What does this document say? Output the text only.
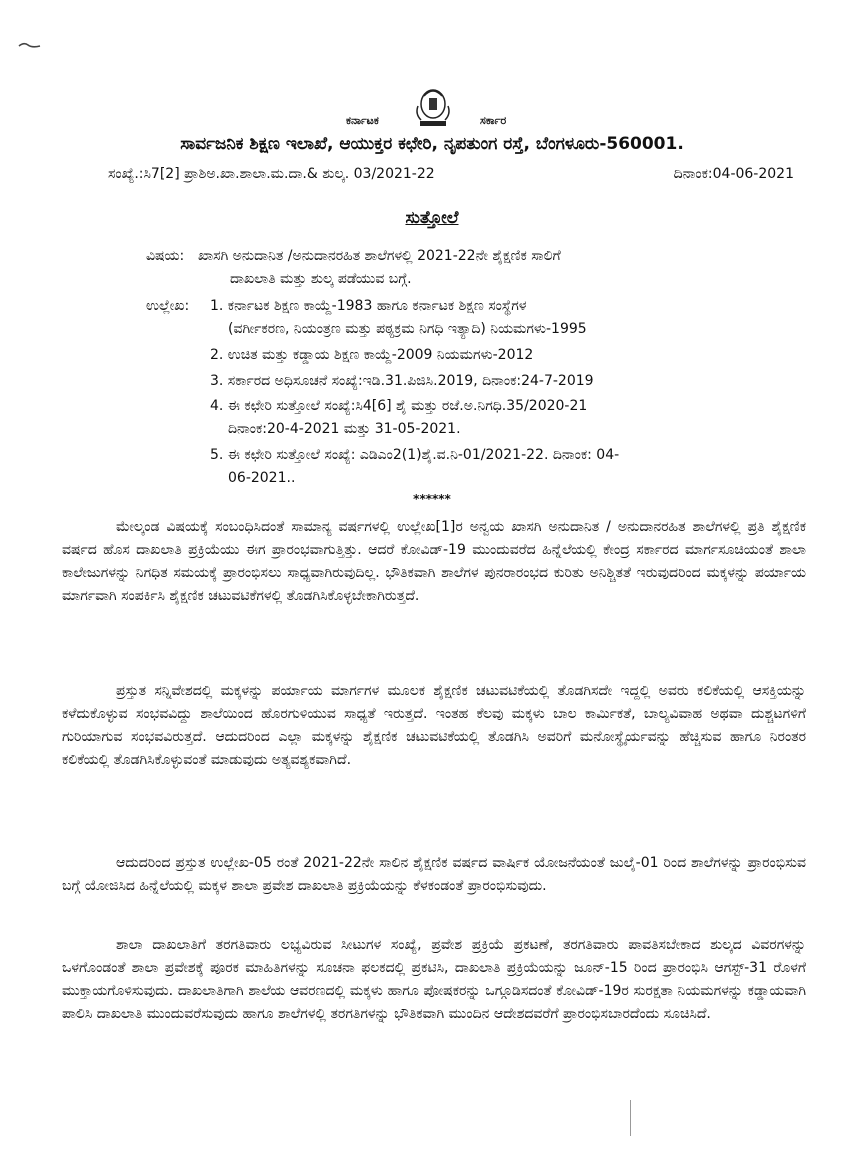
ಕರ್ನಾಟಕ	ಸರ್ಕಾರ
ಸಾರ್ವಜನಿಕ ಶಿಕ್ಷಣ ಇಲಾಖೆ, ಆಯುಕ್ತರ ಕಛೇರಿ, ನೃಪತುಂಗ ರಸ್ತೆ, ಬೆಂಗಳೂರು-560001.
ಸಂಖ್ಯೆ.:ಸಿ7[2] ಪ್ರಾಶಿಅ.ಖಾ.ಶಾಲಾ.ಮ.ದಾ.& ಶುಲ್ಕ. 03/2021-22	ದಿನಾಂಕ:04-06-2021
ಸುತ್ತೋಲೆ
ವಿಷಯ: ಖಾಸಗಿ ಅನುದಾನಿತ /ಅನುದಾನರಹಿತ ಶಾಲೆಗಳಲ್ಲಿ 2021-22ನೇ ಶೈಕ್ಷಣಿಕ ಸಾಲಿಗೆ
ದಾಖಲಾತಿ ಮತ್ತು ಶುಲ್ಕ ಪಡೆಯುವ ಬಗ್ಗೆ.
ಉಲ್ಲೇಖ: 1. ಕರ್ನಾಟಕ ಶಿಕ್ಷಣ ಕಾಯ್ದೆ-1983 ಹಾಗೂ ಕರ್ನಾಟಕ ಶಿಕ್ಷಣ ಸಂಸ್ಥೆಗಳ
(ವರ್ಗೀಕರಣ, ನಿಯಂತ್ರಣ ಮತ್ತು ಪಠ್ಯಕ್ರಮ ನಿಗಧಿ ಇತ್ಯಾದಿ) ನಿಯಮಗಳು-1995
2. ಉಚಿತ ಮತ್ತು ಕಡ್ಡಾಯ ಶಿಕ್ಷಣ ಕಾಯ್ದೆ-2009 ನಿಯಮಗಳು-2012
3. ಸರ್ಕಾರದ ಅಧಿಸೂಚನೆ ಸಂಖ್ಯೆ:ಇಡಿ.31.ಪಿಜಿಸಿ.2019, ದಿನಾಂಕ:24-7-2019
4. ಈ ಕಛೇರಿ ಸುತ್ತೋಲೆ ಸಂಖ್ಯೆ:ಸಿ4[6] ಶೈ ಮತ್ತು ರಜೆ.ಅ.ನಿಗಧಿ.35/2020-21
ದಿನಾಂಕ:20-4-2021 ಮತ್ತು 31-05-2021.
5. ಈ ಕಛೇರಿ ಸುತ್ತೋಲೆ ಸಂಖ್ಯೆ: ಎಡಿಎಂ2(1)ಶೈ.ವ.ನಿ-01/2021-22. ದಿನಾಂಕ: 04-
06-2021..
******
ಮೇಲ್ಕಂಡ ವಿಷಯಕ್ಕೆ ಸಂಬಂಧಿಸಿದಂತೆ ಸಾಮಾನ್ಯ ವರ್ಷಗಳಲ್ಲಿ ಉಲ್ಲೇಖ[1]ರ ಅನ್ವಯ ಖಾಸಗಿ ಅನುದಾನಿತ / ಅನುದಾನರಹಿತ ಶಾಲೆಗಳಲ್ಲಿ ಪ್ರತಿ ಶೈಕ್ಷಣಿಕ ವರ್ಷದ ಹೊಸ ದಾಖಲಾತಿ ಪ್ರಕ್ರಿಯೆಯು ಈಗ ಪ್ರಾರಂಭವಾಗುತ್ತಿತ್ತು. ಆದರೆ ಕೋವಿಡ್-19 ಮುಂದುವರೆದ ಹಿನ್ನೆಲೆಯಲ್ಲಿ ಕೇಂದ್ರ ಸರ್ಕಾರದ ಮಾರ್ಗಸೂಚಿಯಂತೆ ಶಾಲಾ ಕಾಲೇಜುಗಳನ್ನು ನಿಗಧಿತ ಸಮಯಕ್ಕೆ ಪ್ರಾರಂಭಿಸಲು ಸಾಧ್ಯವಾಗಿರುವುದಿಲ್ಲ. ಭೌತಿಕವಾಗಿ ಶಾಲೆಗಳ ಪುನರಾರಂಭದ ಕುರಿತು ಅನಿಶ್ಚಿತತೆ ಇರುವುದರಿಂದ ಮಕ್ಕಳನ್ನು ಪರ್ಯಾಯ ಮಾರ್ಗವಾಗಿ ಸಂಪರ್ಕಿಸಿ ಶೈಕ್ಷಣಿಕ ಚಟುವಟಿಕೆಗಳಲ್ಲಿ ತೊಡಗಿಸಿಕೊಳ್ಳಬೇಕಾಗಿರುತ್ತದೆ.
ಪ್ರಸ್ತುತ ಸನ್ನಿವೇಶದಲ್ಲಿ ಮಕ್ಕಳನ್ನು ಪರ್ಯಾಯ ಮಾರ್ಗಗಳ ಮೂಲಕ ಶೈಕ್ಷಣಿಕ ಚಟುವಟಿಕೆಯಲ್ಲಿ ತೊಡಗಿಸದೇ ಇದ್ದಲ್ಲಿ ಅವರು ಕಲಿಕೆಯಲ್ಲಿ ಆಸಕ್ತಿಯನ್ನು ಕಳೆದುಕೊಳ್ಳುವ ಸಂಭವವಿದ್ದು ಶಾಲೆಯಿಂದ ಹೊರಗುಳಿಯುವ ಸಾಧ್ಯತೆ ಇರುತ್ತದೆ. ಇಂತಹ ಕೆಲವು ಮಕ್ಕಳು ಬಾಲ ಕಾರ್ಮಿಕತೆ, ಬಾಲ್ಯವಿವಾಹ ಅಥವಾ ದುಶ್ಚಟಗಳಿಗೆ ಗುರಿಯಾಗುವ ಸಂಭವವಿರುತ್ತದೆ. ಆದುದರಿಂದ ಎಲ್ಲಾ ಮಕ್ಕಳನ್ನು ಶೈಕ್ಷಣಿಕ ಚಟುವಟಿಕೆಯಲ್ಲಿ ತೊಡಗಿಸಿ ಅವರಿಗೆ ಮನೋಸ್ಥೈರ್ಯವನ್ನು ಹೆಚ್ಚಿಸುವ ಹಾಗೂ ನಿರಂತರ ಕಲಿಕೆಯಲ್ಲಿ ತೊಡಗಿಸಿಕೊಳ್ಳುವಂತೆ ಮಾಡುವುದು ಅತ್ಯವಶ್ಯಕವಾಗಿದೆ.
ಆದುದರಿಂದ ಪ್ರಸ್ತುತ ಉಲ್ಲೇಖ-05 ರಂತೆ 2021-22ನೇ ಸಾಲಿನ ಶೈಕ್ಷಣಿಕ ವರ್ಷದ ವಾರ್ಷಿಕ ಯೋಜನೆಯಂತೆ ಜುಲೈ-01 ರಿಂದ ಶಾಲೆಗಳನ್ನು ಪ್ರಾರಂಭಿಸುವ ಬಗ್ಗೆ ಯೋಜಿಸಿದ ಹಿನ್ನೆಲೆಯಲ್ಲಿ ಮಕ್ಕಳ ಶಾಲಾ ಪ್ರವೇಶ ದಾಖಲಾತಿ ಪ್ರಕ್ರಿಯೆಯನ್ನು ಕೆಳಕಂಡಂತೆ ಪ್ರಾರಂಭಿಸುವುದು.
ಶಾಲಾ ದಾಖಲಾತಿಗೆ ತರಗತಿವಾರು ಲಭ್ಯವಿರುವ ಸೀಟುಗಳ ಸಂಖ್ಯೆ, ಪ್ರವೇಶ ಪ್ರಕ್ರಿಯೆ ಪ್ರಕಟಣೆ, ತರಗತಿವಾರು ಪಾವತಿಸಬೇಕಾದ ಶುಲ್ಕದ ವಿವರಗಳನ್ನು ಒಳಗೊಂಡಂತೆ ಶಾಲಾ ಪ್ರವೇಶಕ್ಕೆ ಪೂರಕ ಮಾಹಿತಿಗಳನ್ನು ಸೂಚನಾ ಫಲಕದಲ್ಲಿ ಪ್ರಕಟಿಸಿ, ದಾಖಲಾತಿ ಪ್ರಕ್ರಿಯೆಯನ್ನು ಜೂನ್-15 ರಿಂದ ಪ್ರಾರಂಭಿಸಿ ಆಗಸ್ಟ್-31 ರೊಳಗೆ ಮುಕ್ತಾಯಗೊಳಿಸುವುದು. ದಾಖಲಾತಿಗಾಗಿ ಶಾಲೆಯ ಆವರಣದಲ್ಲಿ ಮಕ್ಕಳು ಹಾಗೂ ಪೋಷಕರನ್ನು ಒಗ್ಗೂಡಿಸದಂತೆ ಕೋವಿಡ್-19ರ ಸುರಕ್ಷತಾ ನಿಯಮಗಳನ್ನು ಕಡ್ಡಾಯವಾಗಿ ಪಾಲಿಸಿ ದಾಖಲಾತಿ ಮುಂದುವರೆಸುವುದು ಹಾಗೂ ಶಾಲೆಗಳಲ್ಲಿ ತರಗತಿಗಳನ್ನು ಭೌತಿಕವಾಗಿ ಮುಂದಿನ ಆದೇಶದವರೆಗೆ ಪ್ರಾರಂಭಿಸಬಾರದೆಂದು ಸೂಚಿಸಿದೆ.
